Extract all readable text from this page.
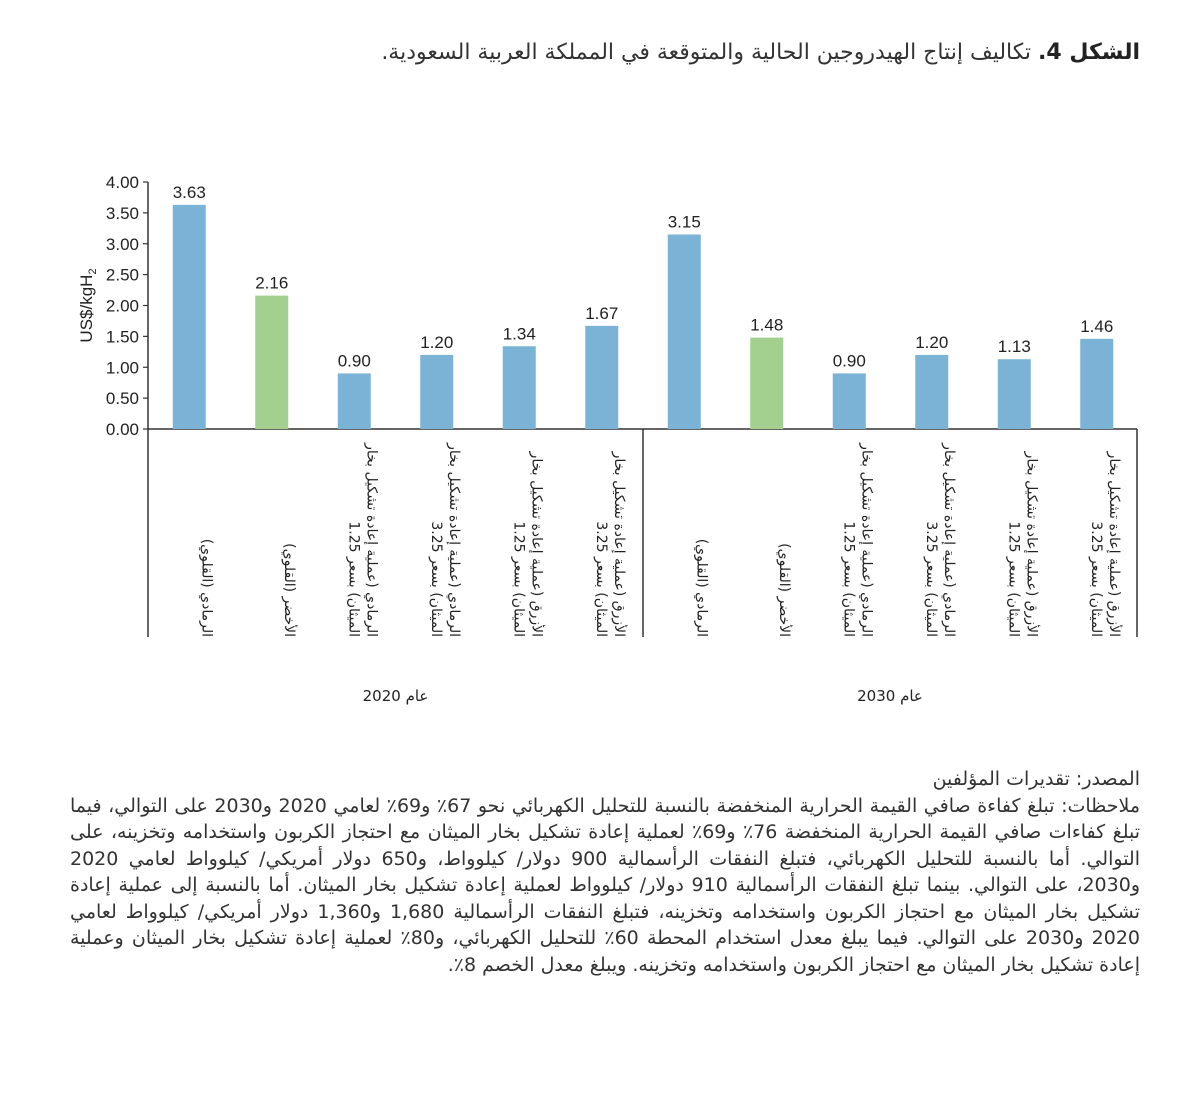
الشكل 4. تكاليف إنتاج الهيدروجين الحالية والمتوقعة في المملكة العربية السعودية.
0.00
0.50
1.00
1.50
2.00
2.50
3.00
3.50
4.00
US$/kgH$_2$
3.63
الرمادي (القلوي)
2.16
الأخضر (القلوي)
0.90
الرمادي (عملية إعادة تشكيل بخار الميثان) بسعر 1.25
1.20
الرمادي (عملية إعادة تشكيل بخار الميثان) بسعر 3.25
1.34
الأزرق (عملية إعادة تشكيل بخار الميثان) بسعر 1.25
1.67
الأزرق (عملية إعادة تشكيل بخار الميثان) بسعر 3.25
عام 2020
3.15
الرمادي (القلوي)
1.48
الأخضر (القلوي)
0.90
الرمادي (عملية إعادة تشكيل بخار الميثان) بسعر 1.25
1.20
الرمادي (عملية إعادة تشكيل بخار الميثان) بسعر 3.25
1.13
الأزرق (عملية إعادة تشكيل بخار الميثان) بسعر 1.25
1.46
الأزرق (عملية إعادة تشكيل بخار الميثان) بسعر 3.25
عام 2030

المصدر: تقديرات المؤلفين

ملاحظات: تبلغ كفاءة صافي القيمة الحرارية المنخفضة بالنسبة للتحليل الكهربائي نحو 67٪ و69٪ لعامي 2020 و2030 على التوالي، فيما تبلغ كفاءات صافي القيمة الحرارية المنخفضة 76٪ و69٪ لعملية إعادة تشكيل بخار الميثان مع احتجاز الكربون واستخدامه وتخزينه، على التوالي. أما بالنسبة للتحليل الكهربائي، فتبلغ النفقات الرأسمالية 900 دولار/ كيلوواط، و650 دولار أمريكي/ كيلوواط لعامي 2020 و2030، على التوالي. بينما تبلغ النفقات الرأسمالية 910 دولار/ كيلوواط لعملية إعادة تشكيل بخار الميثان. أما بالنسبة إلى عملية إعادة تشكيل بخار الميثان مع احتجاز الكربون واستخدامه وتخزينه، فتبلغ النفقات الرأسمالية 1,680 و1,360 دولار أمريكي/ كيلوواط لعامي 2020 و2030 على التوالي. فيما يبلغ معدل استخدام المحطة 60٪ للتحليل الكهربائي، و80٪ لعملية إعادة تشكيل بخار الميثان وعملية إعادة تشكيل بخار الميثان مع احتجاز الكربون واستخدامه وتخزينه. ويبلغ معدل الخصم 8٪.
